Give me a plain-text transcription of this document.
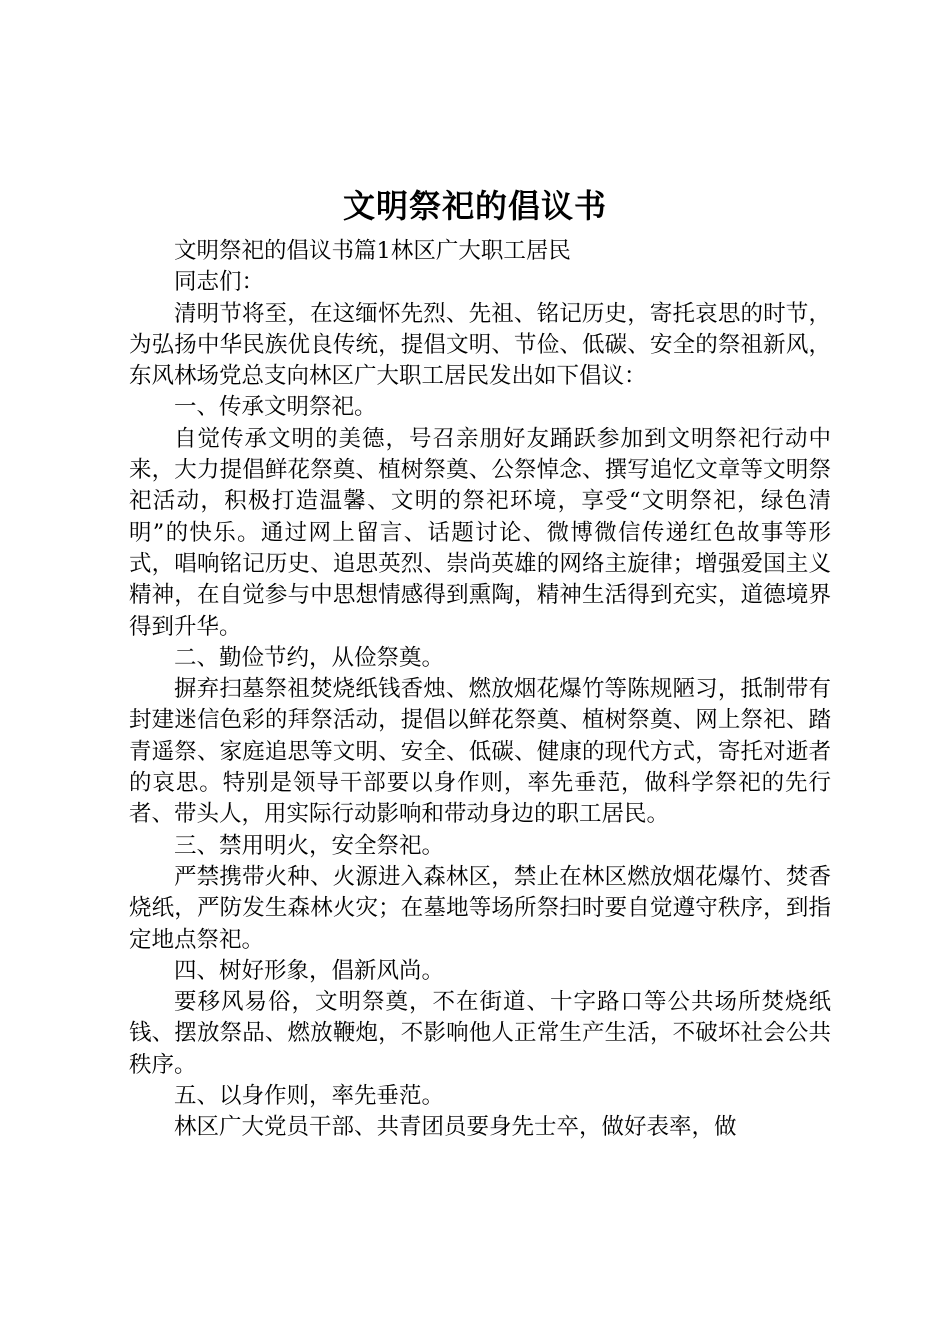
文明祭祀的倡议书

文明祭祀的倡议书篇1林区广大职工居民

同志们：

清明节将至，在这缅怀先烈、先祖、铭记历史，寄托哀思的时节，为弘扬中华民族优良传统，提倡文明、节俭、低碳、安全的祭祖新风，东风林场党总支向林区广大职工居民发出如下倡议：

一、传承文明祭祀。

自觉传承文明的美德，号召亲朋好友踊跃参加到文明祭祀行动中来，大力提倡鲜花祭奠、植树祭奠、公祭悼念、撰写追忆文章等文明祭祀活动，积极打造温馨、文明的祭祀环境，享受“文明祭祀，绿色清明”的快乐。通过网上留言、话题讨论、微博微信传递红色故事等形式，唱响铭记历史、追思英烈、崇尚英雄的网络主旋律；增强爱国主义精神，在自觉参与中思想情感得到熏陶，精神生活得到充实，道德境界得到升华。

二、勤俭节约，从俭祭奠。

摒弃扫墓祭祖焚烧纸钱香烛、燃放烟花爆竹等陈规陋习，抵制带有封建迷信色彩的拜祭活动，提倡以鲜花祭奠、植树祭奠、网上祭祀、踏青遥祭、家庭追思等文明、安全、低碳、健康的现代方式，寄托对逝者的哀思。特别是领导干部要以身作则，率先垂范，做科学祭祀的先行者、带头人，用实际行动影响和带动身边的职工居民。

三、禁用明火，安全祭祀。

严禁携带火种、火源进入森林区，禁止在林区燃放烟花爆竹、焚香烧纸，严防发生森林火灾；在墓地等场所祭扫时要自觉遵守秩序，到指定地点祭祀。

四、树好形象，倡新风尚。

要移风易俗，文明祭奠，不在街道、十字路口等公共场所焚烧纸钱、摆放祭品、燃放鞭炮，不影响他人正常生产生活，不破坏社会公共秩序。

五、以身作则，率先垂范。

林区广大党员干部、共青团员要身先士卒，做好表率，做
